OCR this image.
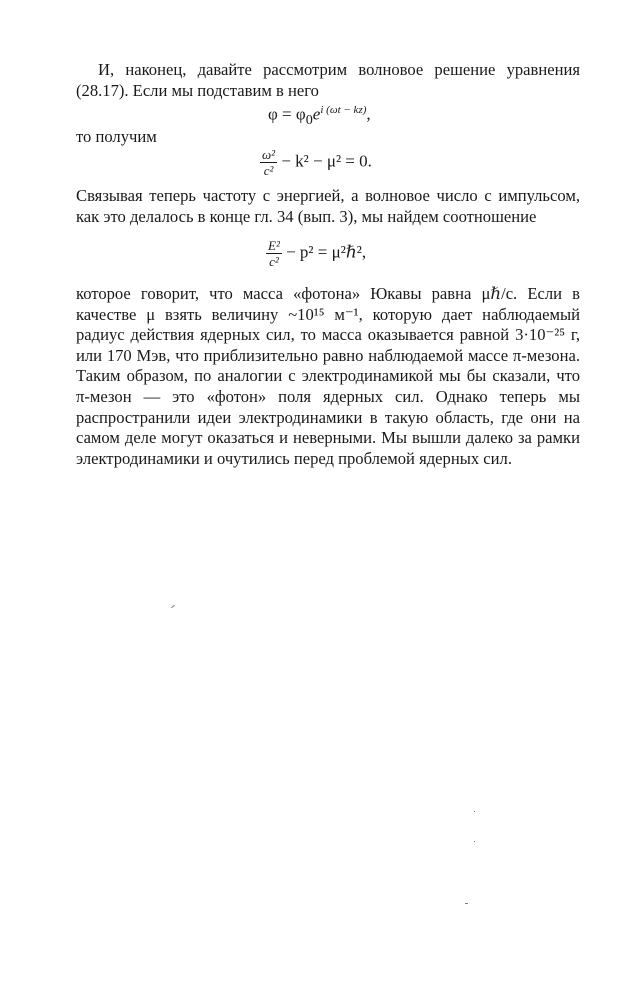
И, наконец, давайте рассмотрим волновое решение уравнения (28.17). Если мы подставим в него
$\varphi = \varphi_0e^{i (\omega t - kz)}$,
то получим
$\frac{\text{ω²}}{\text{c²}} - k^2 - \mu^2 = 0$.
Связывая теперь частоту с энергией, а волновое число с импульсом, как это делалось в конце гл. 34 (вып. 3), мы найдем соотношение
$\frac{\text{E²}}{\text{c²}} - p^2$ = μ²ℏ²,
которое говорит, что масса «фотона» Юкавы равна μℏ/c. Если в качестве μ взять величину ~10¹⁵ м⁻¹, которую дает наблюдаемый радиус действия ядерных сил, то масса оказывается равной 3·10⁻²⁵ г, или 170 Мэв, что приблизительно равно наблюдаемой массе π-мезона. Таким образом, по аналогии с электродинамикой мы бы сказали, что π-мезон — это «фотон» поля ядерных сил. Однако теперь мы распространили идеи электродинамики в такую область, где они на самом деле могут оказаться и неверными. Мы вышли далеко за рамки электродинамики и очутились перед проблемой ядерных сил.
